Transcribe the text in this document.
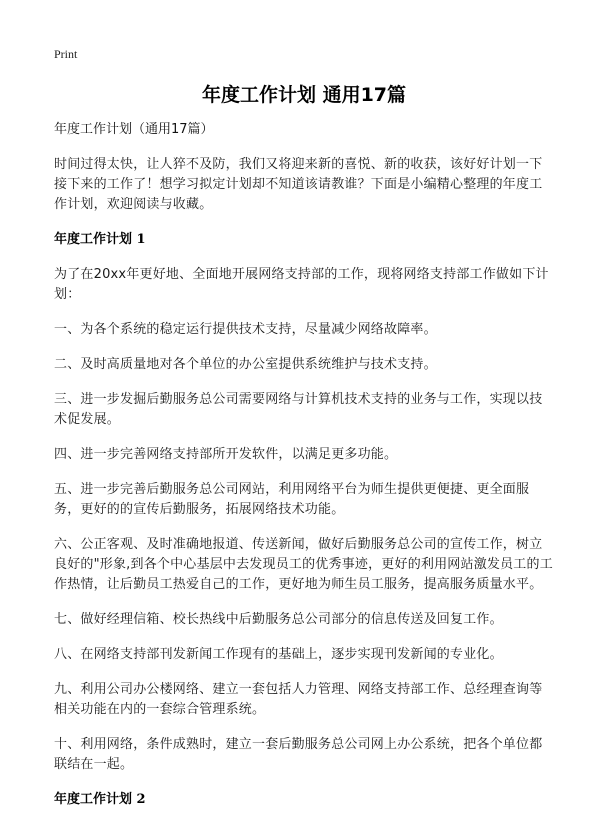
Print
年度工作计划 通用17篇

年度工作计划（通用17篇）

时间过得太快，让人猝不及防，我们又将迎来新的喜悦、新的收获，该好好计划一下接下来的工作了！想学习拟定计划却不知道该请教谁？下面是小编精心整理的年度工作计划，欢迎阅读与收藏。

年度工作计划 1

为了在20xx年更好地、全面地开展网络支持部的工作，现将网络支持部工作做如下计划：

一、为各个系统的稳定运行提供技术支持，尽量减少网络故障率。

二、及时高质量地对各个单位的办公室提供系统维护与技术支持。

三、进一步发掘后勤服务总公司需要网络与计算机技术支持的业务与工作，实现以技术促发展。

四、进一步完善网络支持部所开发软件，以满足更多功能。

五、进一步完善后勤服务总公司网站，利用网络平台为师生提供更便捷、更全面服务，更好的的宣传后勤服务，拓展网络技术功能。

六、公正客观、及时准确地报道、传送新闻，做好后勤服务总公司的宣传工作，树立良好的"形象,到各个中心基层中去发现员工的优秀事迹，更好的利用网站激发员工的工作热情，让后勤员工热爱自己的工作，更好地为师生员工服务，提高服务质量水平。

七、做好经理信箱、校长热线中后勤服务总公司部分的信息传送及回复工作。

八、在网络支持部刊发新闻工作现有的基础上，逐步实现刊发新闻的专业化。

九、利用公司办公楼网络、建立一套包括人力管理、网络支持部工作、总经理查询等相关功能在内的一套综合管理系统。

十、利用网络，条件成熟时，建立一套后勤服务总公司网上办公系统，把各个单位都联结在一起。

年度工作计划 2
